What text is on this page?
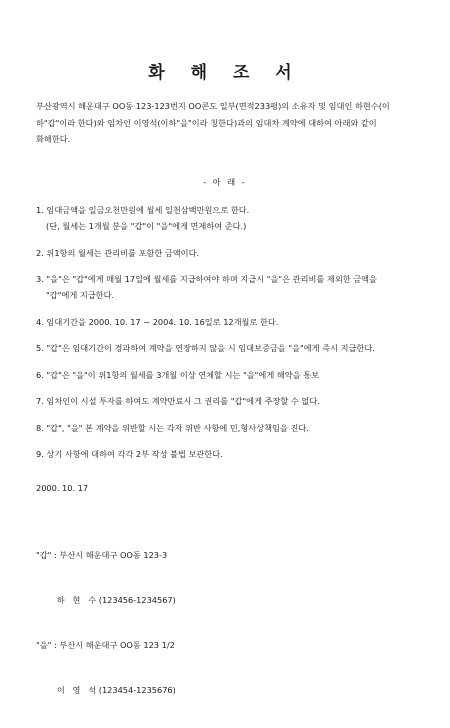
화 해 조 서
부산광역시 해운대구 OO동 123-123번지 OO콘도 일부(면적233평)의 소유자 및 임대인 하현수(이
하"갑"이라 한다)와 임차인 이영석(이하"을"이라 칭한다)과의 임대차 계약에 대하여 아래와 같이
화해한다.
- 아 래 -
1. 임대금액을 일금오천만원에 월세 일천삼백만원으로 한다.
(단, 월세는 1개월 분을 "갑"이 "을"에게 면제하여 준다.)
2. 위1항의 월세는 관리비를 포함한 금액이다.
3. "을"은 "갑"에게 매월 17일에 월세를 지급하여야 하며 지급시 "을"은 관리비를 제외한 금액을
"갑"에게 지급한다.
4. 임대기간을 2000. 10. 17 ~ 2004. 10. 16일로 12개월로 한다.
5. "갑"은 임대기간이 경과하여 계약을 연장하지 않을 시 임대보증금을 "을"에게 즉시 지급한다.
6. "갑"은 "을"이 위1항의 월세를 3개월 이상 연체할 시는 "을"에게 해약을 통보
7. 임차인이 시설 투자를 하여도 계약만료시 그 권리를 "갑"에게 주장할 수 없다.
8. "갑", "을" 본 계약을 위반할 시는 각자 위반 사항에 민,형사상책임을 진다.
9. 상기 사항에 대하여 각각 2부 작성 불법 보관한다.
2000. 10. 17

"갑" : 부산시 해운대구 OO동 123-3

하   현   수 (123456-1234567)

"을" : 부산시 해운대구 OO동 123 1/2

이   영   석 (123454-1235676)
